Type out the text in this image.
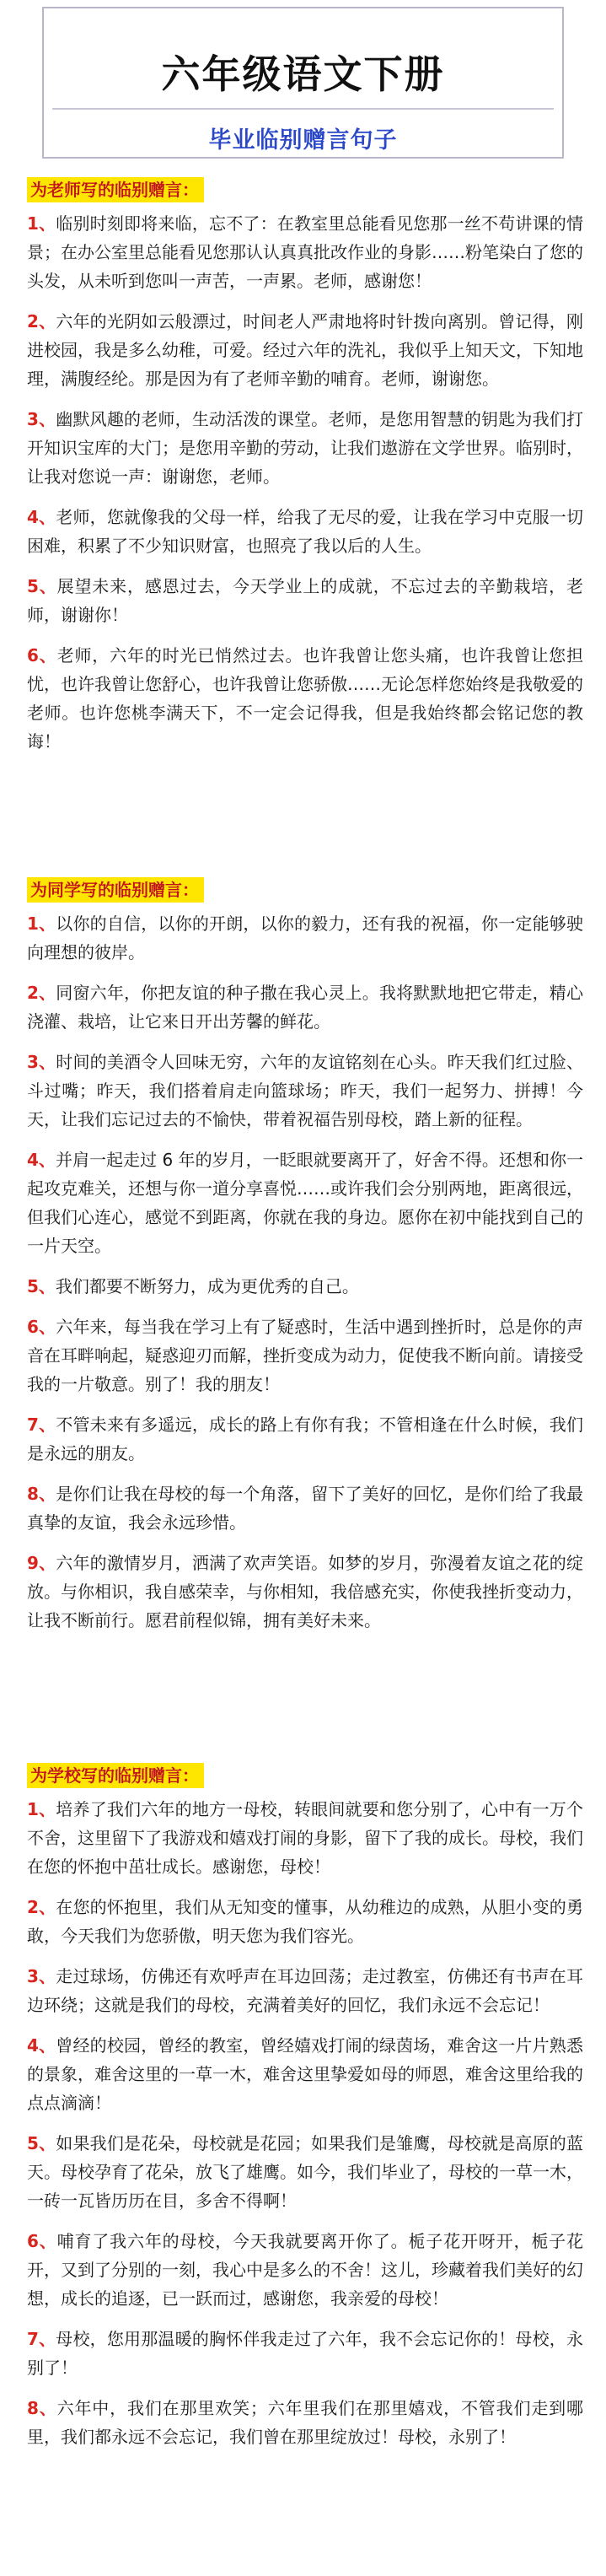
六年级语文下册
毕业临别赠言句子
为老师写的临别赠言：

1、临别时刻即将来临，忘不了：在教室里总能看见您那一丝不苟讲课的情景；在办公室里总能看见您那认认真真批改作业的身影……粉笔染白了您的头发，从未听到您叫一声苦，一声累。老师，感谢您！

2、六年的光阴如云般漂过，时间老人严肃地将时针拨向离别。曾记得，刚进校园，我是多么幼稚，可爱。经过六年的洗礼，我似乎上知天文，下知地理，满腹经纶。那是因为有了老师辛勤的哺育。老师，谢谢您。

3、幽默风趣的老师，生动活泼的课堂。老师，是您用智慧的钥匙为我们打开知识宝库的大门；是您用辛勤的劳动，让我们遨游在文学世界。临别时，让我对您说一声：谢谢您，老师。

4、老师，您就像我的父母一样，给我了无尽的爱，让我在学习中克服一切困难，积累了不少知识财富，也照亮了我以后的人生。

5、展望未来，感恩过去，今天学业上的成就，不忘过去的辛勤栽培，老师，谢谢你！

6、老师，六年的时光已悄然过去。也许我曾让您头痛，也许我曾让您担忧，也许我曾让您舒心，也许我曾让您骄傲……无论怎样您始终是我敬爱的老师。也许您桃李满天下，不一定会记得我，但是我始终都会铭记您的教诲！

为同学写的临别赠言：

1、以你的自信，以你的开朗，以你的毅力，还有我的祝福，你一定能够驶向理想的彼岸。

2、同窗六年，你把友谊的种子撒在我心灵上。我将默默地把它带走，精心浇灌、栽培，让它来日开出芳馨的鲜花。

3、时间的美酒令人回味无穷，六年的友谊铭刻在心头。昨天我们红过脸、斗过嘴；昨天，我们搭着肩走向篮球场；昨天，我们一起努力、拼搏！今天，让我们忘记过去的不愉快，带着祝福告别母校，踏上新的征程。

4、并肩一起走过 6 年的岁月，一眨眼就要离开了，好舍不得。还想和你一起攻克难关，还想与你一道分享喜悦……或许我们会分别两地，距离很远，但我们心连心，感觉不到距离，你就在我的身边。愿你在初中能找到自己的一片天空。

5、我们都要不断努力，成为更优秀的自己。

6、六年来，每当我在学习上有了疑惑时，生活中遇到挫折时，总是你的声音在耳畔响起，疑惑迎刃而解，挫折变成为动力，促使我不断向前。请接受我的一片敬意。别了！我的朋友！

7、不管未来有多遥远，成长的路上有你有我；不管相逢在什么时候，我们是永远的朋友。

8、是你们让我在母校的每一个角落，留下了美好的回忆，是你们给了我最真挚的友谊，我会永远珍惜。

9、六年的激情岁月，洒满了欢声笑语。如梦的岁月，弥漫着友谊之花的绽放。与你相识，我自感荣幸，与你相知，我倍感充实，你使我挫折变动力，让我不断前行。愿君前程似锦，拥有美好未来。

为学校写的临别赠言：

1、培养了我们六年的地方一母校，转眼间就要和您分别了，心中有一万个不舍，这里留下了我游戏和嬉戏打闹的身影，留下了我的成长。母校，我们在您的怀抱中茁壮成长。感谢您，母校！

2、在您的怀抱里，我们从无知变的懂事，从幼稚边的成熟，从胆小变的勇敢，今天我们为您骄傲，明天您为我们容光。

3、走过球场，仿佛还有欢呼声在耳边回荡；走过教室，仿佛还有书声在耳边环绕；这就是我们的母校，充满着美好的回忆，我们永远不会忘记！

4、曾经的校园，曾经的教室，曾经嬉戏打闹的绿茵场，难舍这一片片熟悉的景象，难舍这里的一草一木，难舍这里挚爱如母的师恩，难舍这里给我的点点滴滴！

5、如果我们是花朵，母校就是花园；如果我们是雏鹰，母校就是高原的蓝天。母校孕育了花朵，放飞了雄鹰。如今，我们毕业了，母校的一草一木，一砖一瓦皆历历在目，多舍不得啊！

6、哺育了我六年的母校，今天我就要离开你了。栀子花开呀开，栀子花开，又到了分别的一刻，我心中是多么的不舍！这儿，珍藏着我们美好的幻想，成长的追逐，已一跃而过，感谢您，我亲爱的母校！

7、母校，您用那温暖的胸怀伴我走过了六年，我不会忘记你的！母校，永别了！

8、六年中，我们在那里欢笑；六年里我们在那里嬉戏，不管我们走到哪里，我们都永远不会忘记，我们曾在那里绽放过！母校，永别了！
